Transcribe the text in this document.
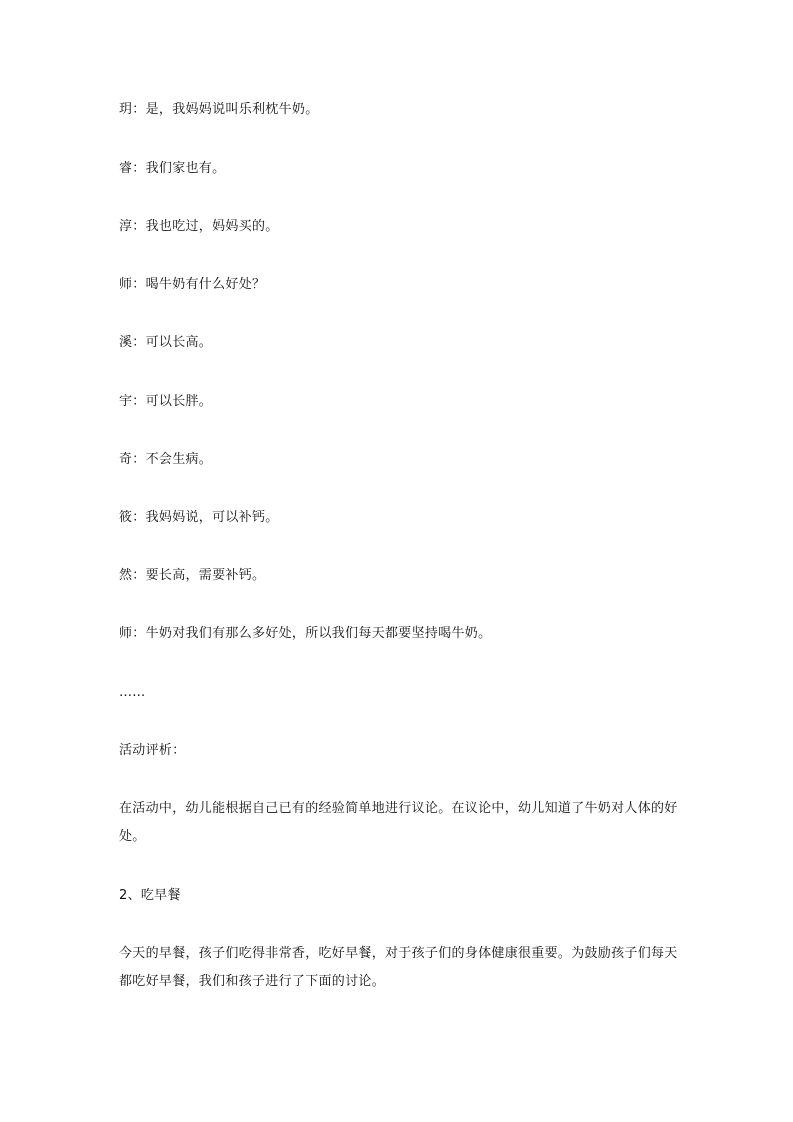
玥：是，我妈妈说叫乐利枕牛奶。

睿：我们家也有。

淳：我也吃过，妈妈买的。

师：喝牛奶有什么好处？

溪：可以长高。

宇：可以长胖。

奇：不会生病。

筱：我妈妈说，可以补钙。

然：要长高，需要补钙。

师：牛奶对我们有那么多好处，所以我们每天都要坚持喝牛奶。

……

活动评析：

在活动中，幼儿能根据自己已有的经验简单地进行议论。在议论中，幼儿知道了牛奶对人体的好处。

2、吃早餐

今天的早餐，孩子们吃得非常香，吃好早餐，对于孩子们的身体健康很重要。为鼓励孩子们每天都吃好早餐，我们和孩子进行了下面的讨论。
